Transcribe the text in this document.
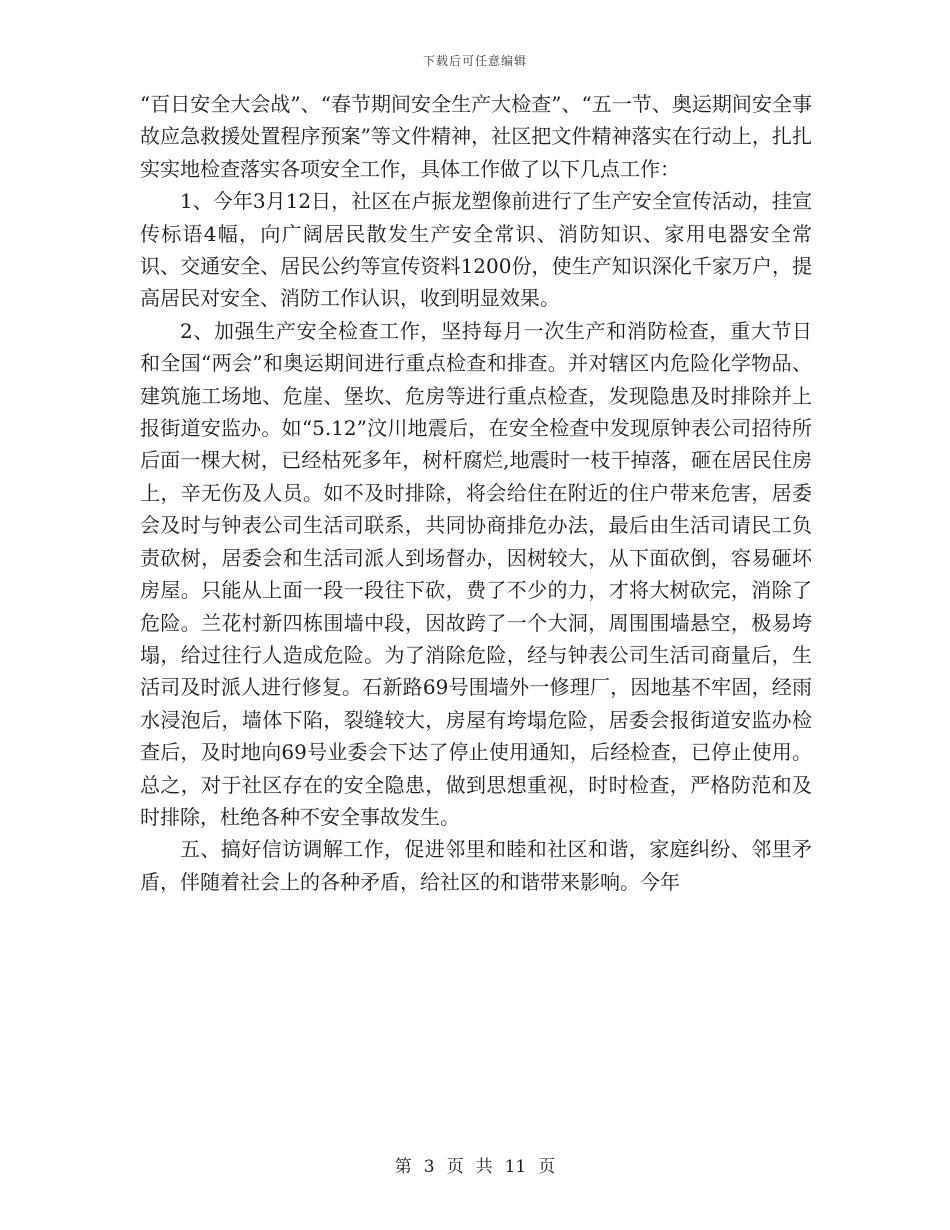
下载后可任意编辑

“百日安全大会战”、“春节期间安全生产大检查”、“五一节、奥运期间安全事故应急救援处置程序预案”等文件精神，社区把文件精神落实在行动上，扎扎实实地检查落实各项安全工作，具体工作做了以下几点工作：

1、今年3月12日，社区在卢振龙塑像前进行了生产安全宣传活动，挂宣传标语4幅，向广阔居民散发生产安全常识、消防知识、家用电器安全常识、交通安全、居民公约等宣传资料1200份，使生产知识深化千家万户，提高居民对安全、消防工作认识，收到明显效果。

2、加强生产安全检查工作，坚持每月一次生产和消防检查，重大节日和全国“两会”和奥运期间进行重点检查和排查。并对辖区内危险化学物品、建筑施工场地、危崖、堡坎、危房等进行重点检查，发现隐患及时排除并上报街道安监办。如“5.12”汶川地震后，在安全检查中发现原钟表公司招待所后面一棵大树，已经枯死多年，树杆腐烂,地震时一枝干掉落，砸在居民住房上，辛无伤及人员。如不及时排除，将会给住在附近的住户带来危害，居委会及时与钟表公司生活司联系，共同协商排危办法，最后由生活司请民工负责砍树，居委会和生活司派人到场督办，因树较大，从下面砍倒，容易砸坏房屋。只能从上面一段一段往下砍，费了不少的力，才将大树砍完，消除了危险。兰花村新四栋围墙中段，因故跨了一个大洞，周围围墙悬空，极易垮塌，给过往行人造成危险。为了消除危险，经与钟表公司生活司商量后，生活司及时派人进行修复。石新路69号围墙外一修理厂，因地基不牢固，经雨水浸泡后，墙体下陷，裂缝较大，房屋有垮塌危险，居委会报街道安监办检查后，及时地向69号业委会下达了停止使用通知，后经检查，已停止使用。总之，对于社区存在的安全隐患，做到思想重视，时时检查，严格防范和及时排除，杜绝各种不安全事故发生。

五、搞好信访调解工作，促进邻里和睦和社区和谐，家庭纠纷、邻里矛盾，伴随着社会上的各种矛盾，给社区的和谐带来影响。今年

第 3 页 共 11 页
